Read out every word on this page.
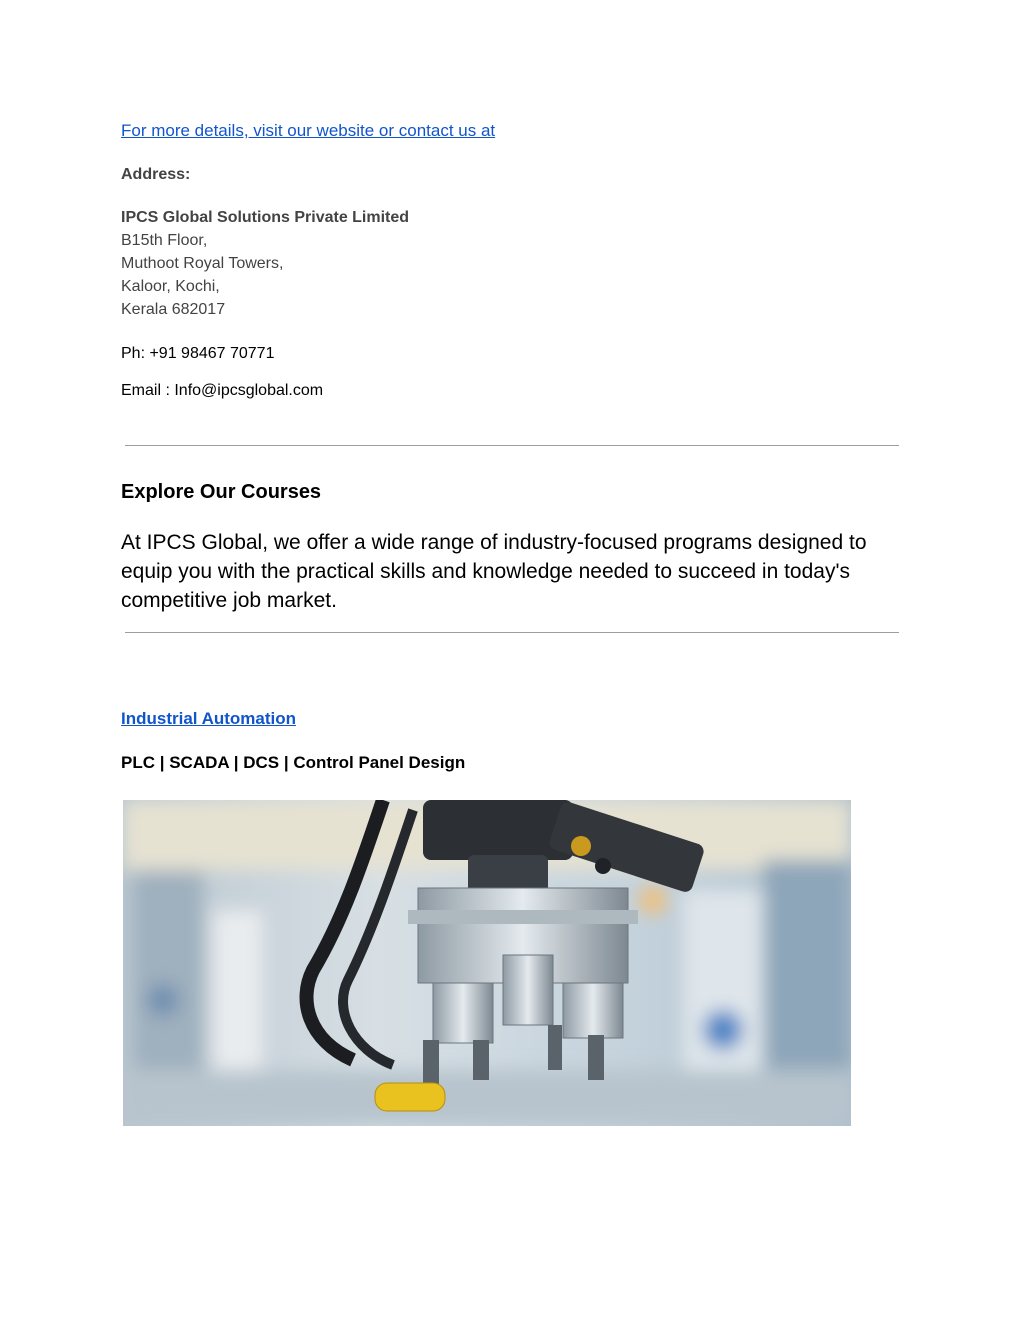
For more details, visit our website or contact us at

Address:

IPCS Global Solutions Private Limited

B15th Floor,

Muthoot Royal Towers,

Kaloor, Kochi,

Kerala 682017

Ph: +91 98467 70771

Email : Info@ipcsglobal.com

Explore Our Courses

At IPCS Global, we offer a wide range of industry-focused programs designed to equip you with the practical skills and knowledge needed to succeed in today's competitive job market.

Industrial Automation

PLC | SCADA | DCS | Control Panel Design
